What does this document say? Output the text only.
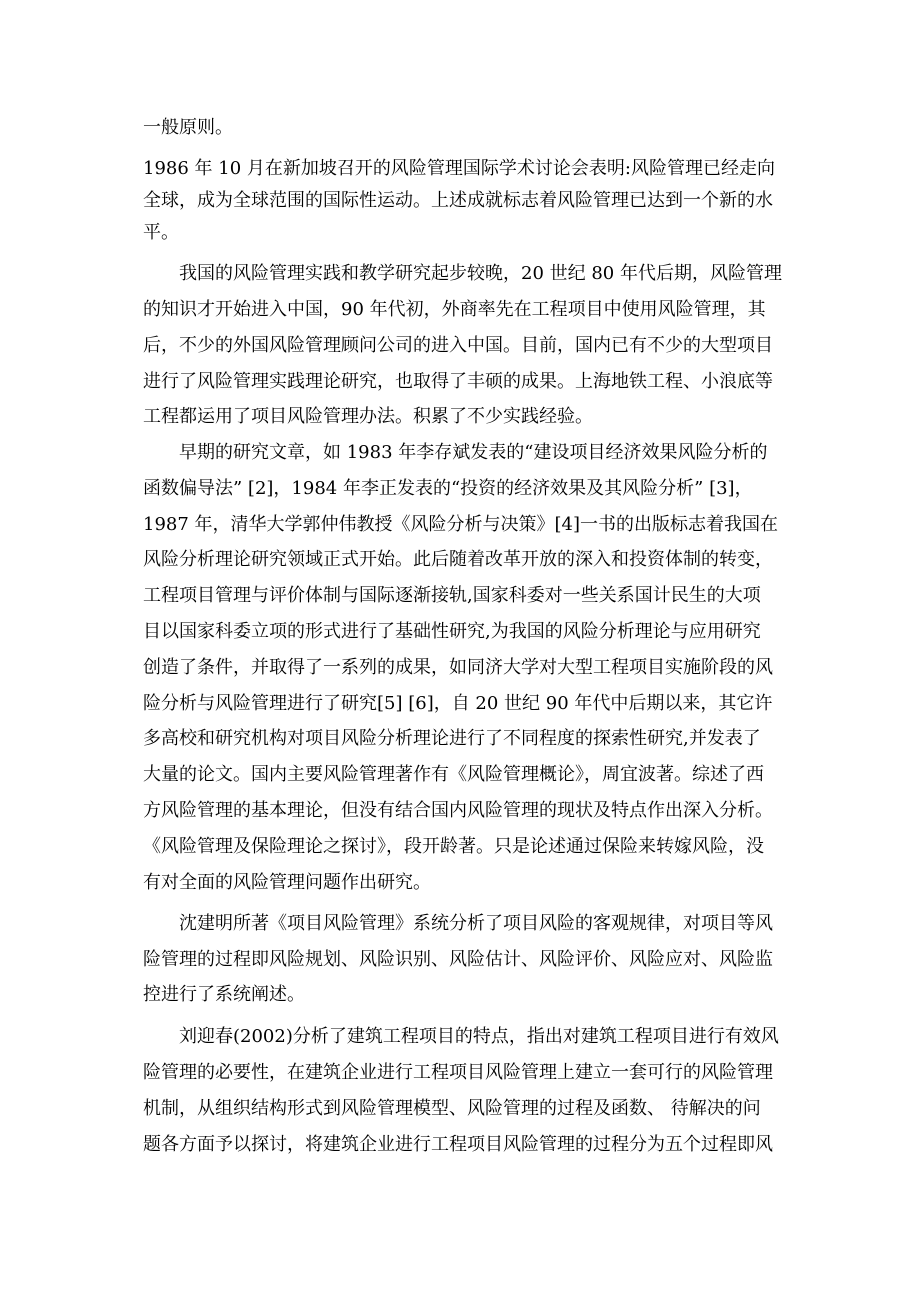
一般原则。
1986 年 10 月在新加坡召开的风险管理国际学术讨论会表明:风险管理已经走向
全球，成为全球范围的国际性运动。上述成就标志着风险管理已达到一个新的水
平。
我国的风险管理实践和教学研究起步较晚，20 世纪 80 年代后期，风险管理
的知识才开始进入中国，90 年代初，外商率先在工程项目中使用风险管理，其
后，不少的外国风险管理顾问公司的进入中国。目前，国内已有不少的大型项目
进行了风险管理实践理论研究，也取得了丰硕的成果。上海地铁工程、小浪底等
工程都运用了项目风险管理办法。积累了不少实践经验。
早期的研究文章，如 1983 年李存斌发表的“建设项目经济效果风险分析的
函数偏导法” [2]，1984 年李正发表的“投资的经济效果及其风险分析” [3]，
1987 年，清华大学郭仲伟教授《风险分析与决策》[4]一书的出版标志着我国在
风险分析理论研究领域正式开始。此后随着改革开放的深入和投资体制的转变，
工程项目管理与评价体制与国际逐渐接轨,国家科委对一些关系国计民生的大项
目以国家科委立项的形式进行了基础性研究,为我国的风险分析理论与应用研究
创造了条件，并取得了一系列的成果，如同济大学对大型工程项目实施阶段的风
险分析与风险管理进行了研究[5] [6]，自 20 世纪 90 年代中后期以来，其它许
多高校和研究机构对项目风险分析理论进行了不同程度的探索性研究,并发表了
大量的论文。国内主要风险管理著作有《风险管理概论》，周宜波著。综述了西
方风险管理的基本理论，但没有结合国内风险管理的现状及特点作出深入分析。
《风险管理及保险理论之探讨》，段开龄著。只是论述通过保险来转嫁风险，没
有对全面的风险管理问题作出研究。
沈建明所著《项目风险管理》系统分析了项目风险的客观规律，对项目等风
险管理的过程即风险规划、风险识别、风险估计、风险评价、风险应对、风险监
控进行了系统阐述。
刘迎春(2002)分析了建筑工程项目的特点，指出对建筑工程项目进行有效风
险管理的必要性，在建筑企业进行工程项目风险管理上建立一套可行的风险管理
机制，从组织结构形式到风险管理模型、风险管理的过程及函数、 待解决的问
题各方面予以探讨，将建筑企业进行工程项目风险管理的过程分为五个过程即风
